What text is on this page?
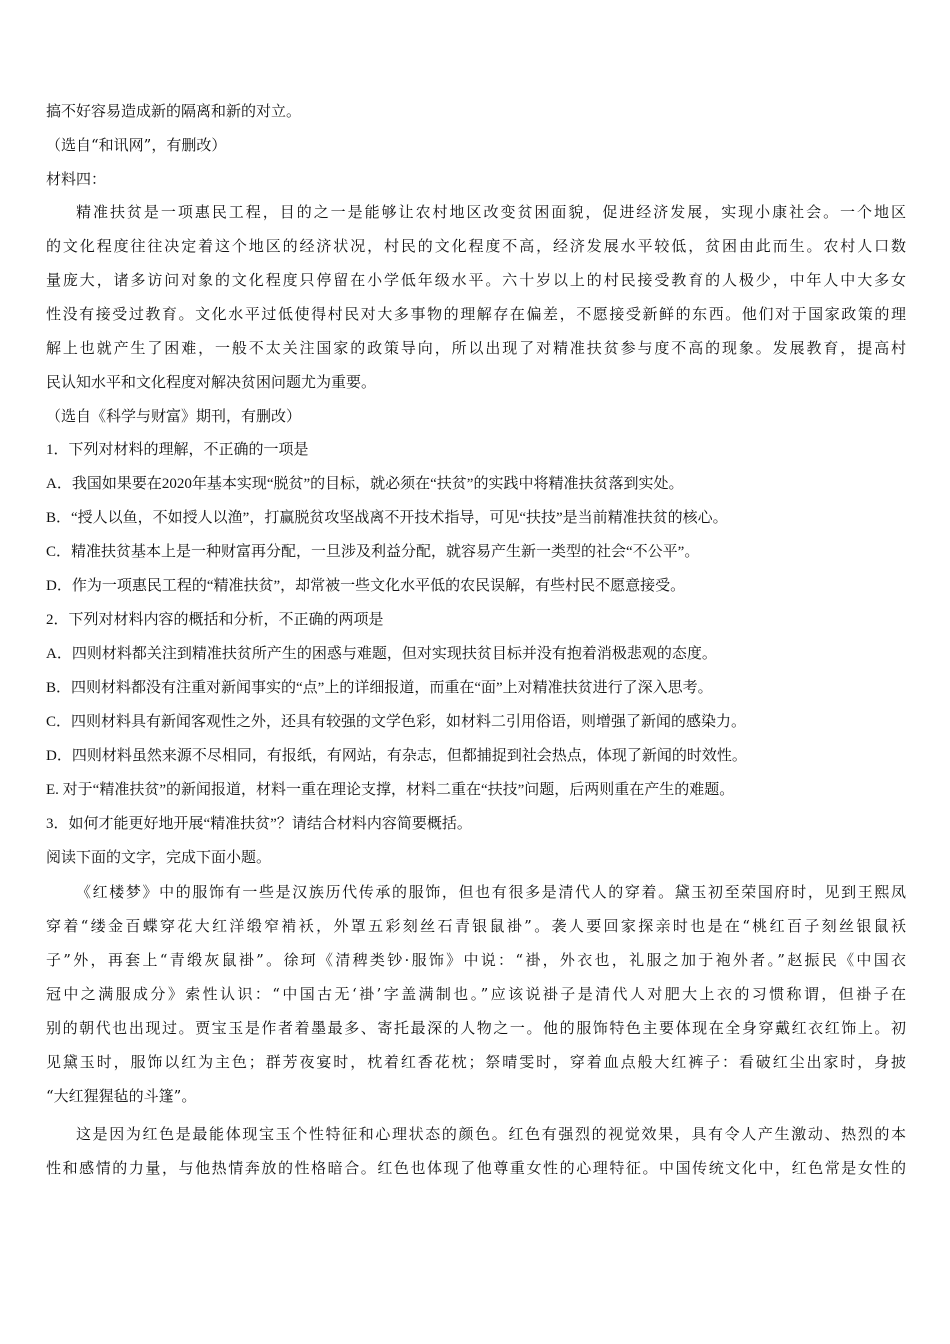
搞不好容易造成新的隔离和新的对立。
（选自“和讯网”，有删改）
材料四：
精准扶贫是一项惠民工程，目的之一是能够让农村地区改变贫困面貌，促进经济发展，实现小康社会。一个地区
的文化程度往往决定着这个地区的经济状况，村民的文化程度不高，经济发展水平较低，贫困由此而生。农村人口数
量庞大，诸多访问对象的文化程度只停留在小学低年级水平。六十岁以上的村民接受教育的人极少，中年人中大多女
性没有接受过教育。文化水平过低使得村民对大多事物的理解存在偏差，不愿接受新鲜的东西。他们对于国家政策的理
解上也就产生了困难，一般不太关注国家的政策导向，所以出现了对精准扶贫参与度不高的现象。发展教育，提高村
民认知水平和文化程度对解决贫困问题尤为重要。
（选自《科学与财富》期刊，有删改）
1．下列对材料的理解，不正确的一项是
A．我国如果要在2020年基本实现“脱贫”的目标，就必须在“扶贫”的实践中将精准扶贫落到实处。
B．“授人以鱼，不如授人以渔”，打赢脱贫攻坚战离不开技术指导，可见“扶技”是当前精准扶贫的核心。
C．精准扶贫基本上是一种财富再分配，一旦涉及利益分配，就容易产生新一类型的社会“不公平”。
D．作为一项惠民工程的“精准扶贫”，却常被一些文化水平低的农民误解，有些村民不愿意接受。
2．下列对材料内容的概括和分析，不正确的两项是
A．四则材料都关注到精准扶贫所产生的困惑与难题，但对实现扶贫目标并没有抱着消极悲观的态度。
B．四则材料都没有注重对新闻事实的“点”上的详细报道，而重在“面”上对精准扶贫进行了深入思考。
C．四则材料具有新闻客观性之外，还具有较强的文学色彩，如材料二引用俗语，则增强了新闻的感染力。
D．四则材料虽然来源不尽相同，有报纸，有网站，有杂志，但都捕捉到社会热点，体现了新闻的时效性。
E. 对于“精准扶贫”的新闻报道，材料一重在理论支撑，材料二重在“扶技”问题，后两则重在产生的难题。
3．如何才能更好地开展“精准扶贫”？请结合材料内容简要概括。
阅读下面的文字，完成下面小题。
《红楼梦》中的服饰有一些是汉族历代传承的服饰，但也有很多是清代人的穿着。黛玉初至荣国府时，见到王熙凤
穿着“缕金百蝶穿花大红洋缎窄褃袄，外罩五彩刻丝石青银鼠褂”。袭人要回家探亲时也是在“桃红百子刻丝银鼠袄
子”外，再套上“青缎灰鼠褂”。徐珂《清稗类钞·服饰》中说：“褂，外衣也，礼服之加于袍外者。”赵振民《中国衣
冠中之满服成分》索性认识：“中国古无‘褂’字盖满制也。”应该说褂子是清代人对肥大上衣的习惯称谓，但褂子在
别的朝代也出现过。贾宝玉是作者着墨最多、寄托最深的人物之一。他的服饰特色主要体现在全身穿戴红衣红饰上。初
见黛玉时，服饰以红为主色；群芳夜宴时，枕着红香花枕；祭晴雯时，穿着血点般大红裤子：看破红尘出家时，身披
“大红猩猩毡的斗篷”。
这是因为红色是最能体现宝玉个性特征和心理状态的颜色。红色有强烈的视觉效果，具有令人产生激动、热烈的本
性和感情的力量，与他热情奔放的性格暗合。红色也体现了他尊重女性的心理特征。中国传统文化中，红色常是女性的
